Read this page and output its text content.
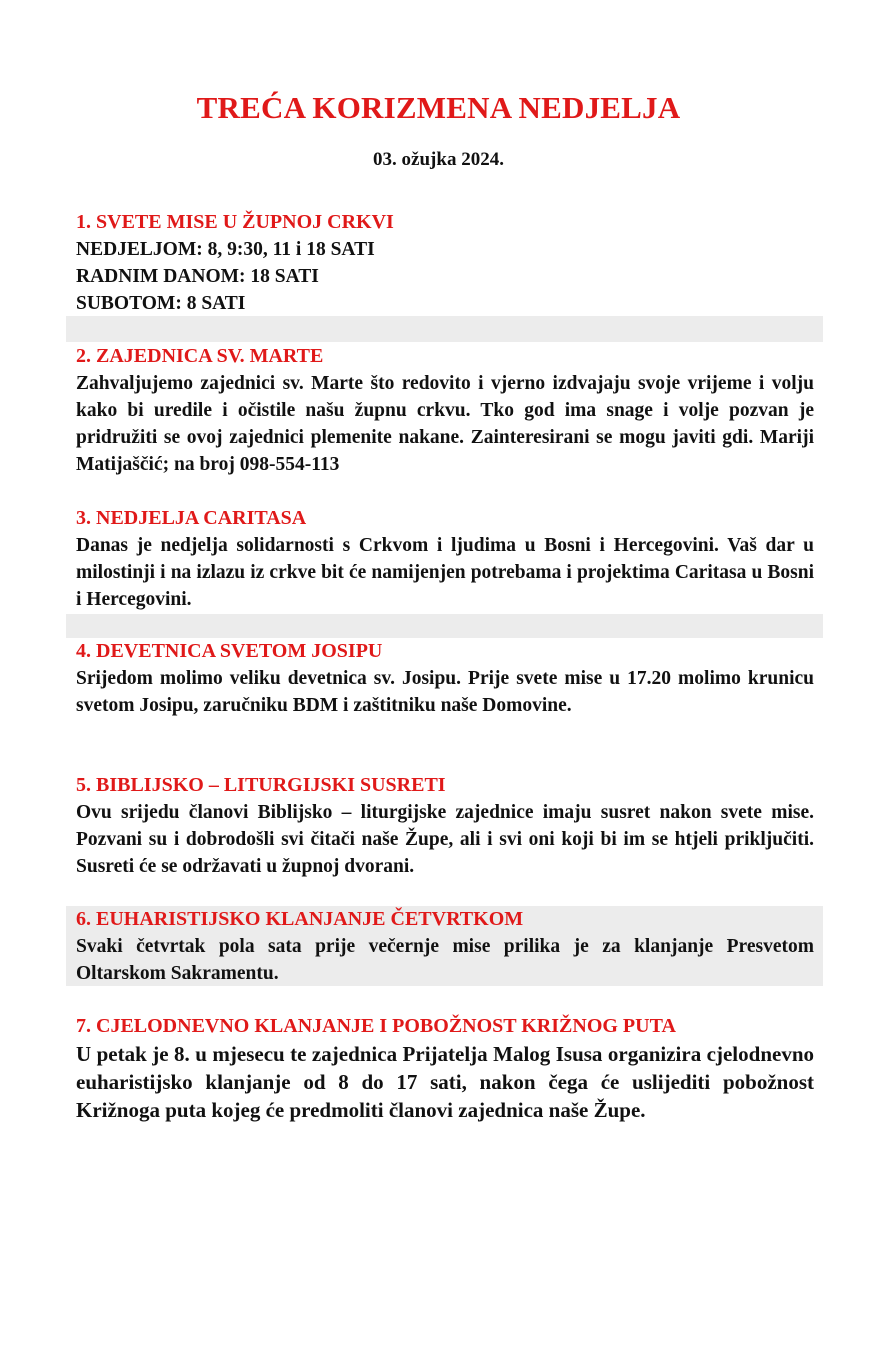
TREĆA KORIZMENA NEDJELJA
03. ožujka 2024.
1. SVETE MISE U ŽUPNOJ CRKVI
NEDJELJOM: 8, 9:30, 11 i 18 SATI
RADNIM DANOM: 18 SATI
SUBOTOM: 8 SATI
2. ZAJEDNICA SV. MARTE
Zahvaljujemo zajednici sv. Marte što redovito i vjerno izdvajaju svoje vrijeme i volju kako bi uredile i očistile našu župnu crkvu. Tko god ima snage i volje pozvan je pridružiti se ovoj zajednici plemenite nakane. Zainteresirani se mogu javiti gdi. Mariji Matijaščić; na broj 098-554-113
3. NEDJELJA CARITASA
Danas je nedjelja solidarnosti s Crkvom i ljudima u Bosni i Hercegovini. Vaš dar u milostinji i na izlazu iz crkve bit će namijenjen potrebama i projektima Caritasa u Bosni i Hercegovini.
4. DEVETNICA SVETOM JOSIPU
Srijedom molimo veliku devetnica sv. Josipu. Prije svete mise u 17.20 molimo krunicu svetom Josipu, zaručniku BDM i zaštitniku naše Domovine.
5. BIBLIJSKO – LITURGIJSKI SUSRETI
Ovu srijedu članovi Biblijsko – liturgijske zajednice imaju susret nakon svete mise. Pozvani su i dobrodošli svi čitači naše Župe, ali i svi oni koji bi im se htjeli priključiti. Susreti će se održavati u župnoj dvorani.
6. EUHARISTIJSKO KLANJANJE ČETVRTKOM
Svaki četvrtak pola sata prije večernje mise prilika je za klanjanje Presvetom Oltarskom Sakramentu.
7. CJELODNEVNO KLANJANJE I POBOŽNOST KRIŽNOG PUTA
U petak je 8. u mjesecu te zajednica Prijatelja Malog Isusa organizira cjelodnevno euharistijsko klanjanje od 8 do 17 sati, nakon čega će uslijediti pobožnost Križnoga puta kojeg će predmoliti članovi zajednica naše Župe.
